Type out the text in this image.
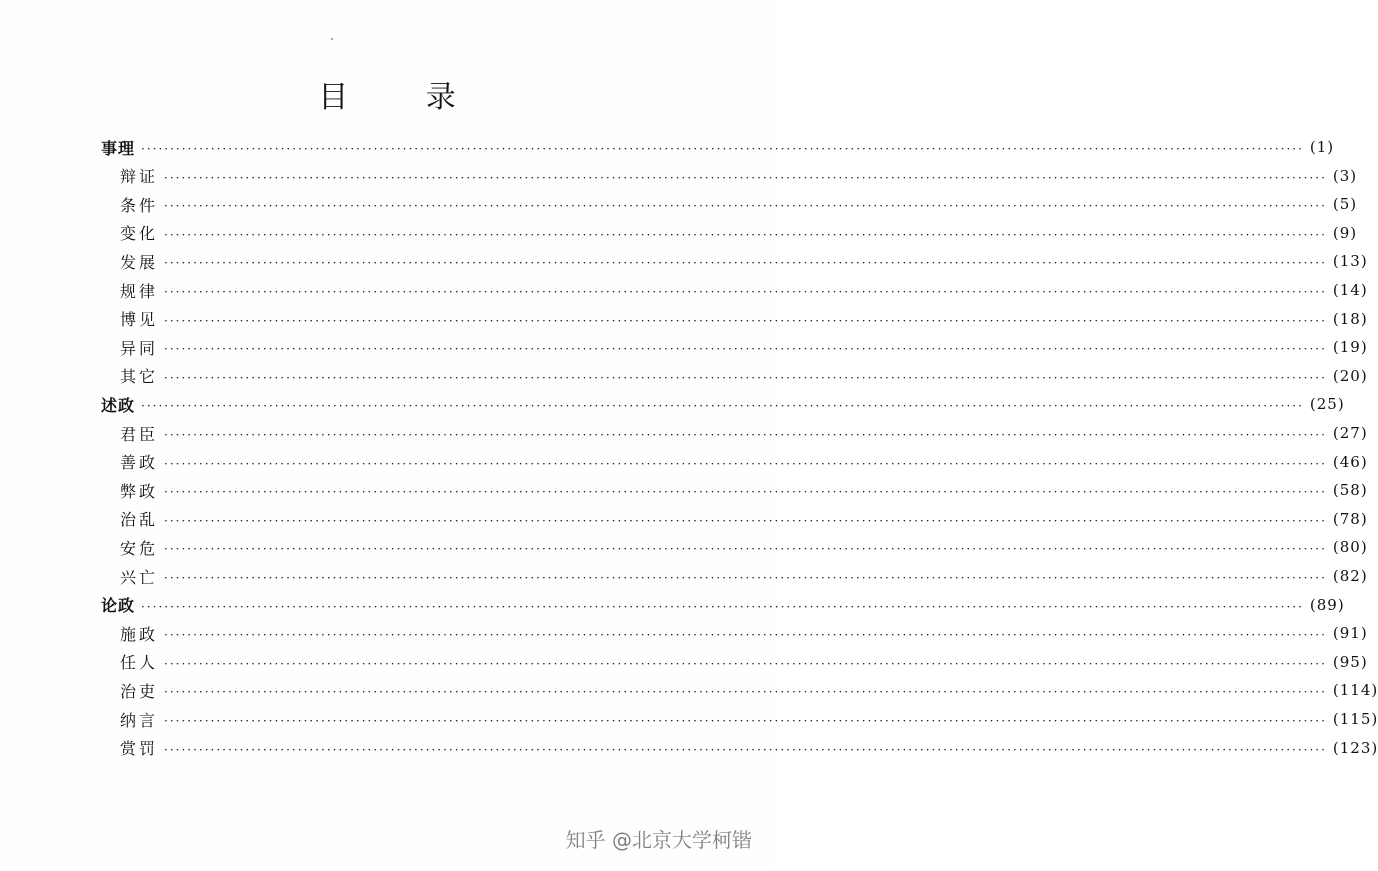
目 录
事理 ········································································································································································································ (1)
辩证 ········································································································································································································ (3)
条件 ········································································································································································································ (5)
变化 ········································································································································································································ (9)
发展 ········································································································································································································ (13)
规律 ········································································································································································································ (14)
博见 ········································································································································································································ (18)
异同 ········································································································································································································ (19)
其它 ········································································································································································································ (20)
述政 ········································································································································································································ (25)
君臣 ········································································································································································································ (27)
善政 ········································································································································································································ (46)
弊政 ········································································································································································································ (58)
治乱 ········································································································································································································ (78)
安危 ········································································································································································································ (80)
兴亡 ········································································································································································································ (82)
论政 ········································································································································································································ (89)
施政 ········································································································································································································ (91)
任人 ········································································································································································································ (95)
治吏 ········································································································································································································ (114)
纳言 ········································································································································································································ (115)
赏罚 ········································································································································································································ (123)
知乎 @北京大学柯锴
